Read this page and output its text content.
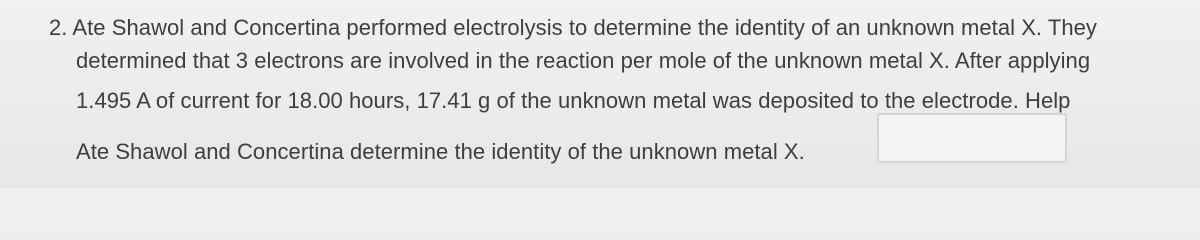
2. Ate Shawol and Concertina performed electrolysis to determine the identity of an unknown metal X. They
determined that 3 electrons are involved in the reaction per mole of the unknown metal X. After applying
1.495 A of current for 18.00 hours, 17.41 g of the unknown metal was deposited to the electrode. Help
Ate Shawol and Concertina determine the identity of the unknown metal X.
